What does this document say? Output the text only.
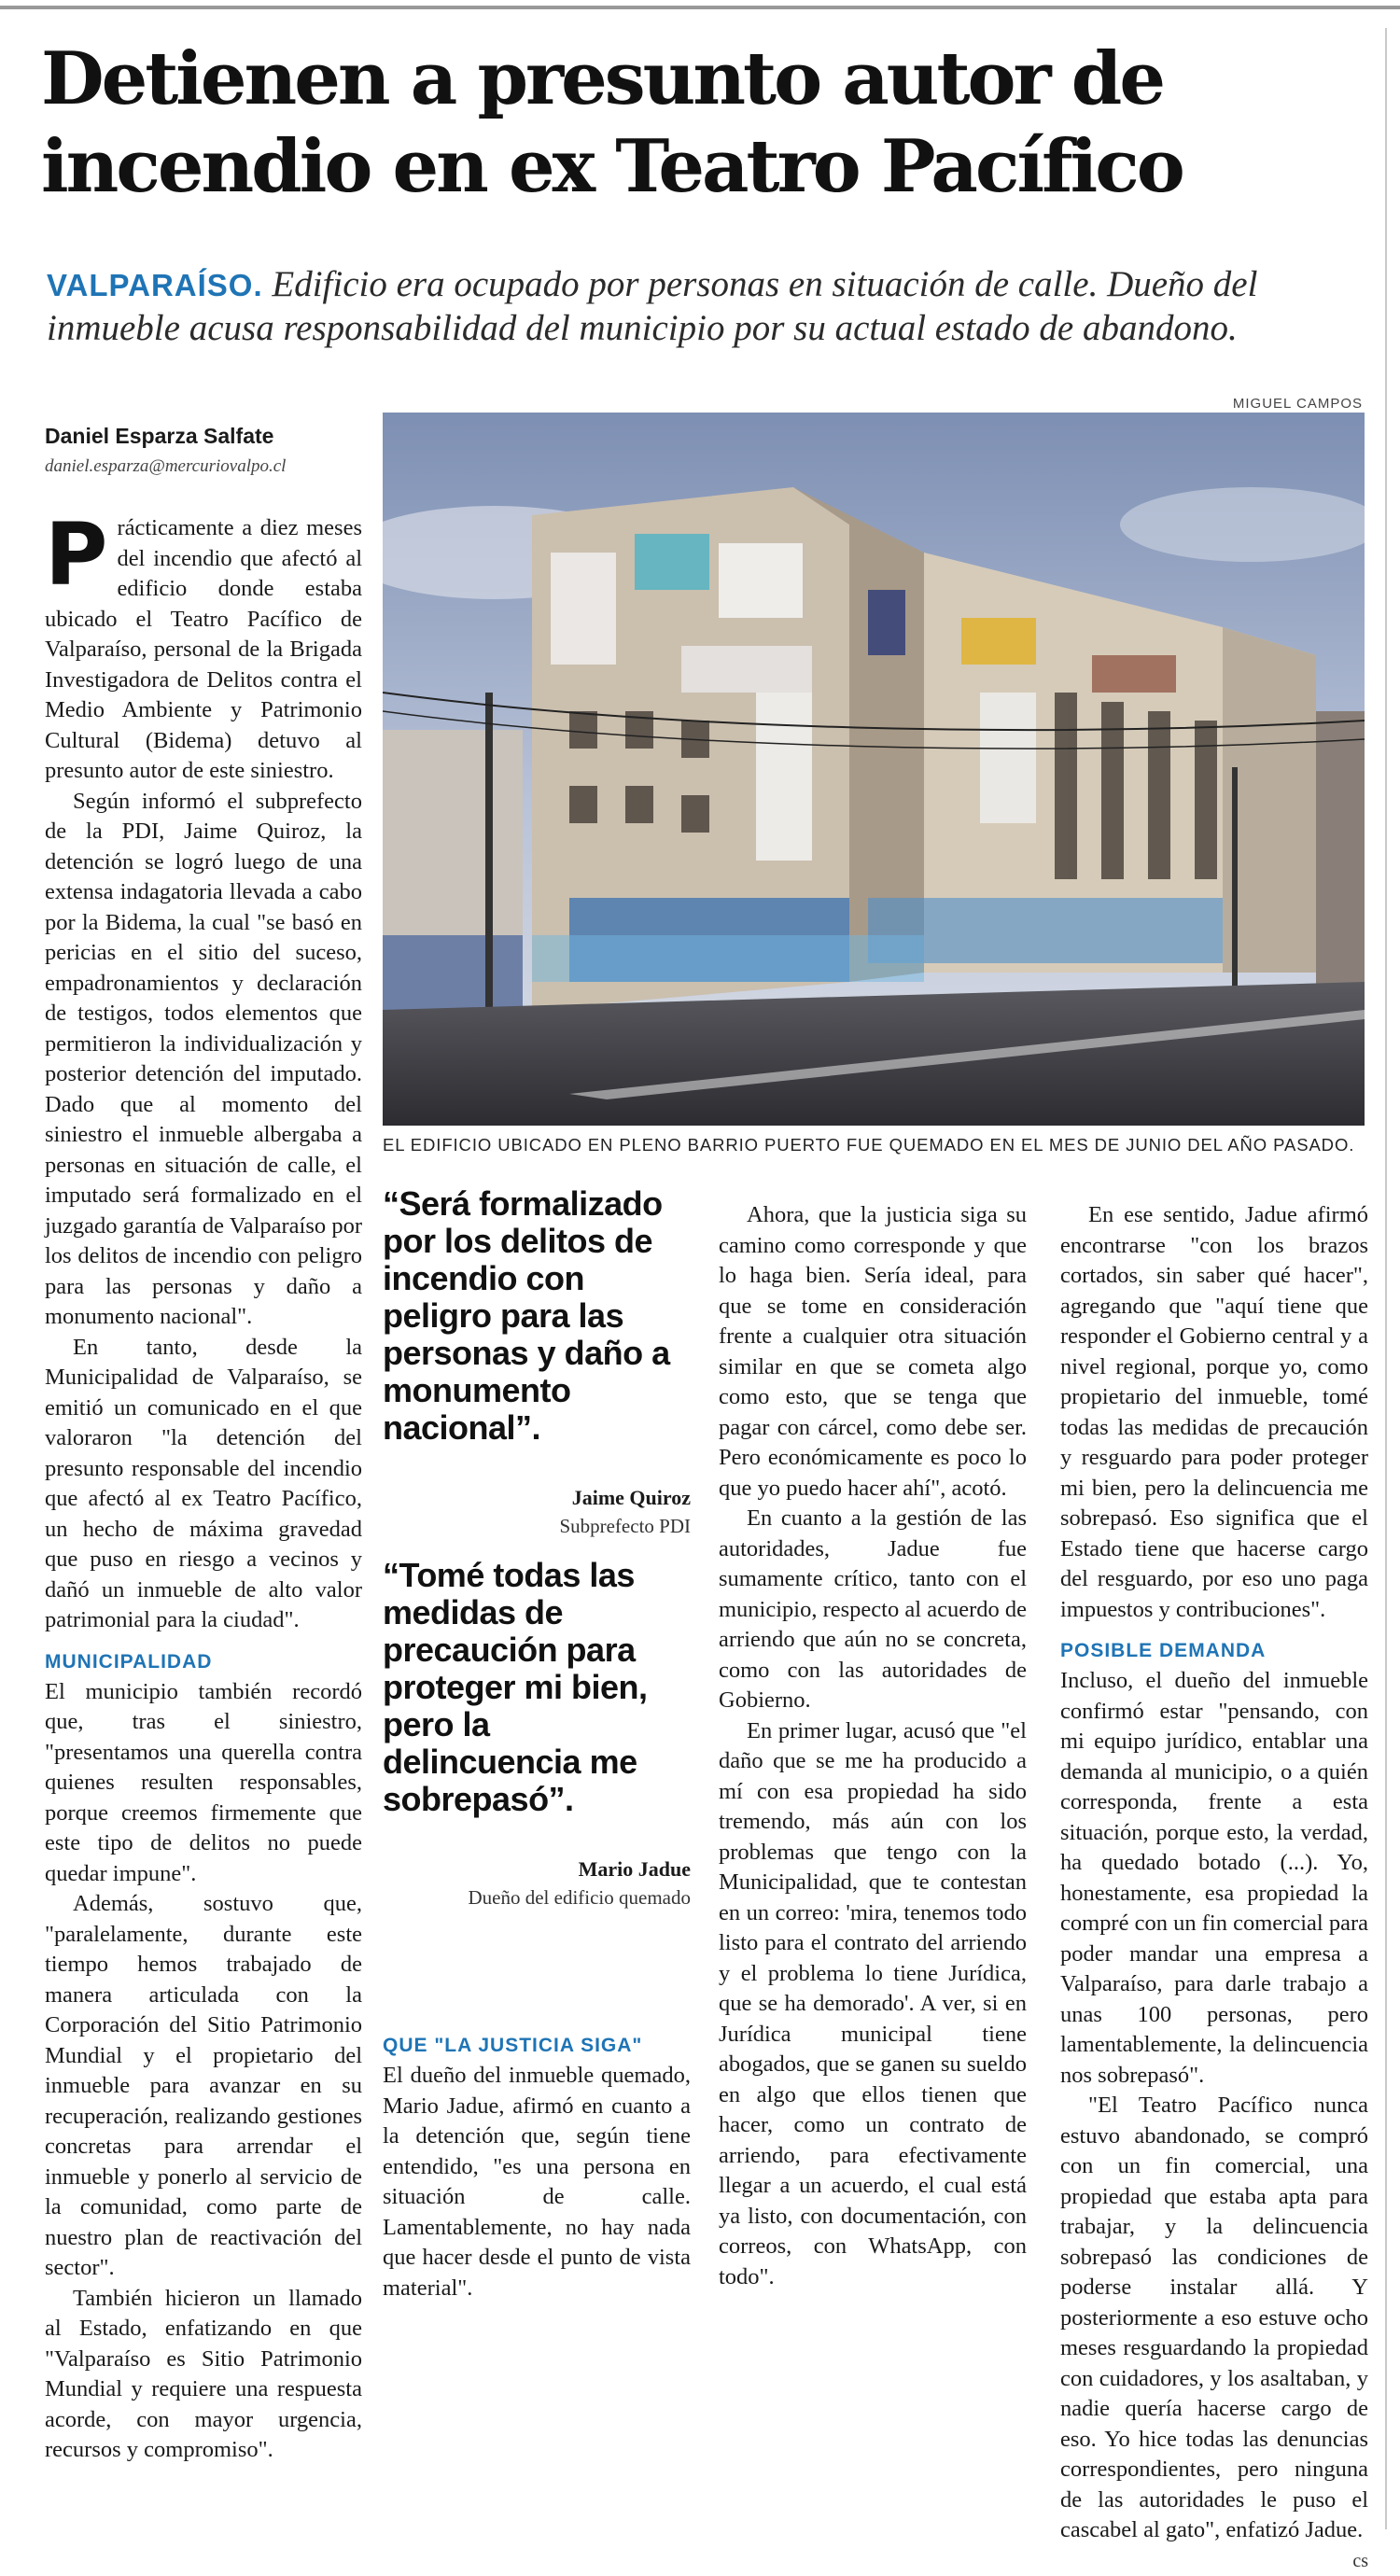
Detienen a presunto autor de incendio en ex Teatro Pacífico

VALPARAÍSO. Edificio era ocupado por personas en situación de calle. Dueño del inmueble acusa responsabilidad del municipio por su actual estado de abandono.

MIGUEL CAMPOS
Daniel Esparza Salfate
daniel.esparza@mercuriovalpo.cl
EL EDIFICIO UBICADO EN PLENO BARRIO PUERTO FUE QUEMADO EN EL MES DE JUNIO DEL AÑO PASADO.

Prácticamente a diez meses del incendio que afectó al edificio donde estaba ubicado el Teatro Pacífico de Valparaíso, personal de la Brigada Investigadora de Delitos contra el Medio Ambiente y Patrimonio Cultural (Bidema) detuvo al presunto autor de este siniestro.

Según informó el subprefecto de la PDI, Jaime Quiroz, la detención se logró luego de una extensa indagatoria llevada a cabo por la Bidema, la cual "se basó en pericias en el sitio del suceso, empadronamientos y declaración de testigos, todos elementos que permitieron la individualización y posterior detención del imputado. Dado que al momento del siniestro el inmueble albergaba a personas en situación de calle, el imputado será formalizado en el juzgado garantía de Valparaíso por los delitos de incendio con peligro para las personas y daño a monumento nacional".

En tanto, desde la Municipalidad de Valparaíso, se emitió un comunicado en el que valoraron "la detención del presunto responsable del incendio que afectó al ex Teatro Pacífico, un hecho de máxima gravedad que puso en riesgo a vecinos y dañó un inmueble de alto valor patrimonial para la ciudad".

MUNICIPALIDAD

El municipio también recordó que, tras el siniestro, "presentamos una querella contra quienes resulten responsables, porque creemos firmemente que este tipo de delitos no puede quedar impune".

Además, sostuvo que, "paralelamente, durante este tiempo hemos trabajado de manera articulada con la Corporación del Sitio Patrimonio Mundial y el propietario del inmueble para avanzar en su recuperación, realizando gestiones concretas para arrendar el inmueble y ponerlo al servicio de la comunidad, como parte de nuestro plan de reactivación del sector".

También hicieron un llamado al Estado, enfatizando en que "Valparaíso es Sitio Patrimonio Mundial y requiere una respuesta acorde, con mayor urgencia, recursos y compromiso".

“Será formalizado por los delitos de incendio con peligro para las personas y daño a monumento nacional”.
Jaime Quiroz
Subprefecto PDI
“Tomé todas las medidas de precaución para proteger mi bien, pero la delincuencia me sobrepasó”.
Mario Jadue
Dueño del edificio quemado
QUE "LA JUSTICIA SIGA"

El dueño del inmueble quemado, Mario Jadue, afirmó en cuanto a la detención que, según tiene entendido, "es una persona en situación de calle. Lamentablemente, no hay nada que hacer desde el punto de vista material".

Ahora, que la justicia siga su camino como corresponde y que lo haga bien. Sería ideal, para que se tome en consideración frente a cualquier otra situación similar en que se cometa algo como esto, que se tenga que pagar con cárcel, como debe ser. Pero económicamente es poco lo que yo puedo hacer ahí", acotó.

En cuanto a la gestión de las autoridades, Jadue fue sumamente crítico, tanto con el municipio, respecto al acuerdo de arriendo que aún no se concreta, como con las autoridades de Gobierno.

En primer lugar, acusó que "el daño que se me ha producido a mí con esa propiedad ha sido tremendo, más aún con los problemas que tengo con la Municipalidad, que te contestan en un correo: 'mira, tenemos todo listo para el contrato del arriendo y el problema lo tiene Jurídica, que se ha demorado'. A ver, si en Jurídica municipal tiene abogados, que se ganen su sueldo en algo que ellos tienen que hacer, como un contrato de arriendo, para efectivamente llegar a un acuerdo, el cual está ya listo, con documentación, con correos, con WhatsApp, con todo".

En ese sentido, Jadue afirmó encontrarse "con los brazos cortados, sin saber qué hacer", agregando que "aquí tiene que responder el Gobierno central y a nivel regional, porque yo, como propietario del inmueble, tomé todas las medidas de precaución y resguardo para poder proteger mi bien, pero la delincuencia me sobrepasó. Eso significa que el Estado tiene que hacerse cargo del resguardo, por eso uno paga impuestos y contribuciones".

POSIBLE DEMANDA

Incluso, el dueño del inmueble confirmó estar "pensando, con mi equipo jurídico, entablar una demanda al municipio, o a quién corresponda, frente a esta situación, porque esto, la verdad, ha quedado botado (...). Yo, honestamente, esa propiedad la compré con un fin comercial para poder mandar una empresa a Valparaíso, para darle trabajo a unas 100 personas, pero lamentablemente, la delincuencia nos sobrepasó".

"El Teatro Pacífico nunca estuvo abandonado, se compró con un fin comercial, una propiedad que estaba apta para trabajar, y la delincuencia sobrepasó las condiciones de poderse instalar allá. Y posteriormente a eso estuve ocho meses resguardando la propiedad con cuidadores, y los asaltaban, y nadie quería hacerse cargo de eso. Yo hice todas las denuncias correspondientes, pero ninguna de las autoridades le puso el cascabel al gato", enfatizó Jadue.
cs
